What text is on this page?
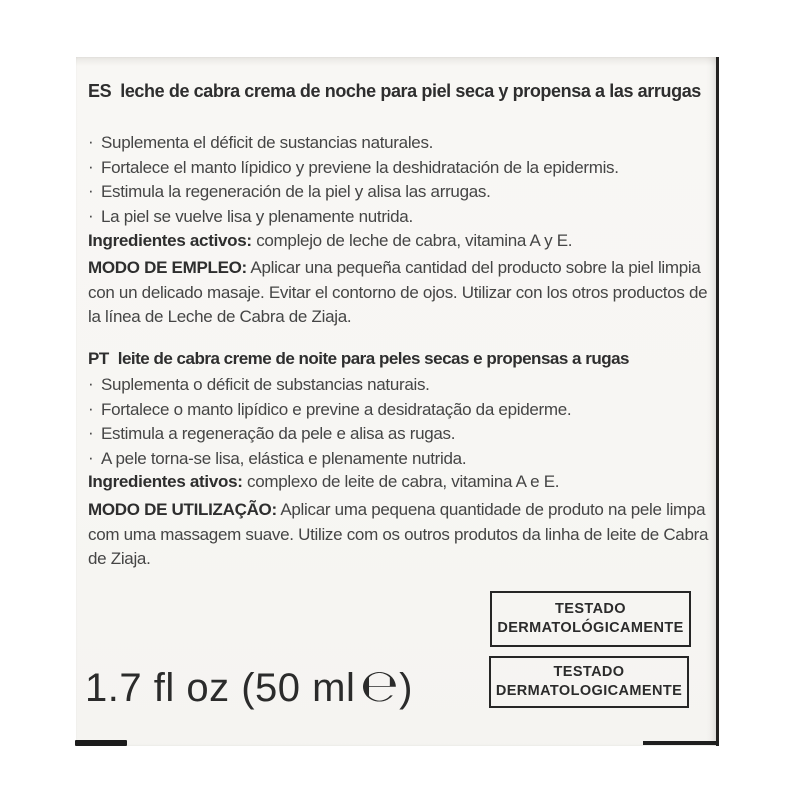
ES leche de cabra crema de noche para piel seca y propensa a las arrugas
· Suplementa el déficit de sustancias naturales.
· Fortalece el manto lípidico y previene la deshidratación de la epidermis.
· Estimula la regeneración de la piel y alisa las arrugas.
· La piel se vuelve lisa y plenamente nutrida.

Ingredientes activos: complejo de leche de cabra, vitamina A y E.

MODO DE EMPLEO: Aplicar una pequeña cantidad del producto sobre la piel limpia con un delicado masaje. Evitar el contorno de ojos. Utilizar con los otros productos de la línea de Leche de Cabra de Ziaja.

PT leite de cabra creme de noite para peles secas e propensas a rugas
· Suplementa o déficit de substancias naturais.
· Fortalece o manto lipídico e previne a desidratação da epiderme.
· Estimula a regeneração da pele e alisa as rugas.
· A pele torna-se lisa, elástica e plenamente nutrida.

Ingredientes ativos: complexo de leite de cabra, vitamina A e E.

MODO DE UTILIZAÇÃO: Aplicar uma pequena quantidade de produto na pele limpa com uma massagem suave. Utilize com os outros produtos da linha de leite de Cabra de Ziaja.

TESTADO
DERMATOLÓGICAMENTE
TESTADO
DERMATOLOGICAMENTE
1.7 fl oz (50 ml ℮)
